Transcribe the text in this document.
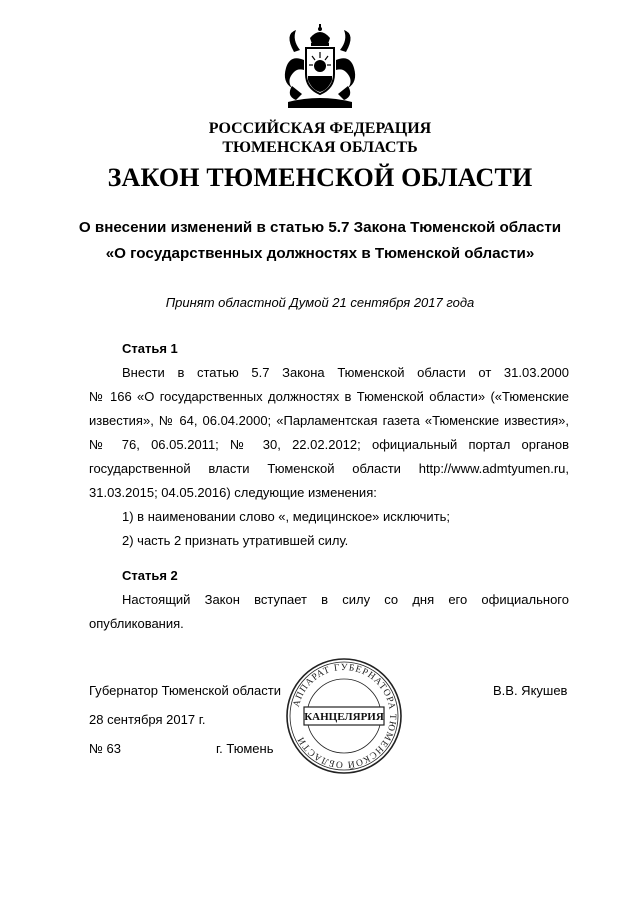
РОССИЙСКАЯ ФЕДЕРАЦИЯ
ТЮМЕНСКАЯ ОБЛАСТЬ
ЗАКОН ТЮМЕНСКОЙ ОБЛАСТИ
О внесении изменений в статью 5.7 Закона Тюменской области
«О государственных должностях в Тюменской области»
Принят областной Думой 21 сентября 2017 года
Статья 1
Внести в статью 5.7 Закона Тюменской области от 31.03.2000
№ 166 «О государственных должностях в Тюменской области» («Тюменские
известия», № 64, 06.04.2000; «Парламентская газета «Тюменские известия»,
№ 76, 06.05.2011; № 30, 22.02.2012; официальный портал органов
государственной власти Тюменской области http://www.admtyumen.ru,
31.03.2015; 04.05.2016) следующие изменения:
1) в наименовании слово «, медицинское» исключить;
2) часть 2 признать утратившей силу.
Статья 2
Настоящий Закон вступает в силу со дня его официального
опубликования.
Губернатор Тюменской области	В.В. Якушев
28 сентября 2017 г.
№ 63	г. Тюмень
АППАРАТ ГУБЕРНАТОРА ТЮМЕНСКОЙ ОБЛАСТИ
КАНЦЕЛЯРИЯ
